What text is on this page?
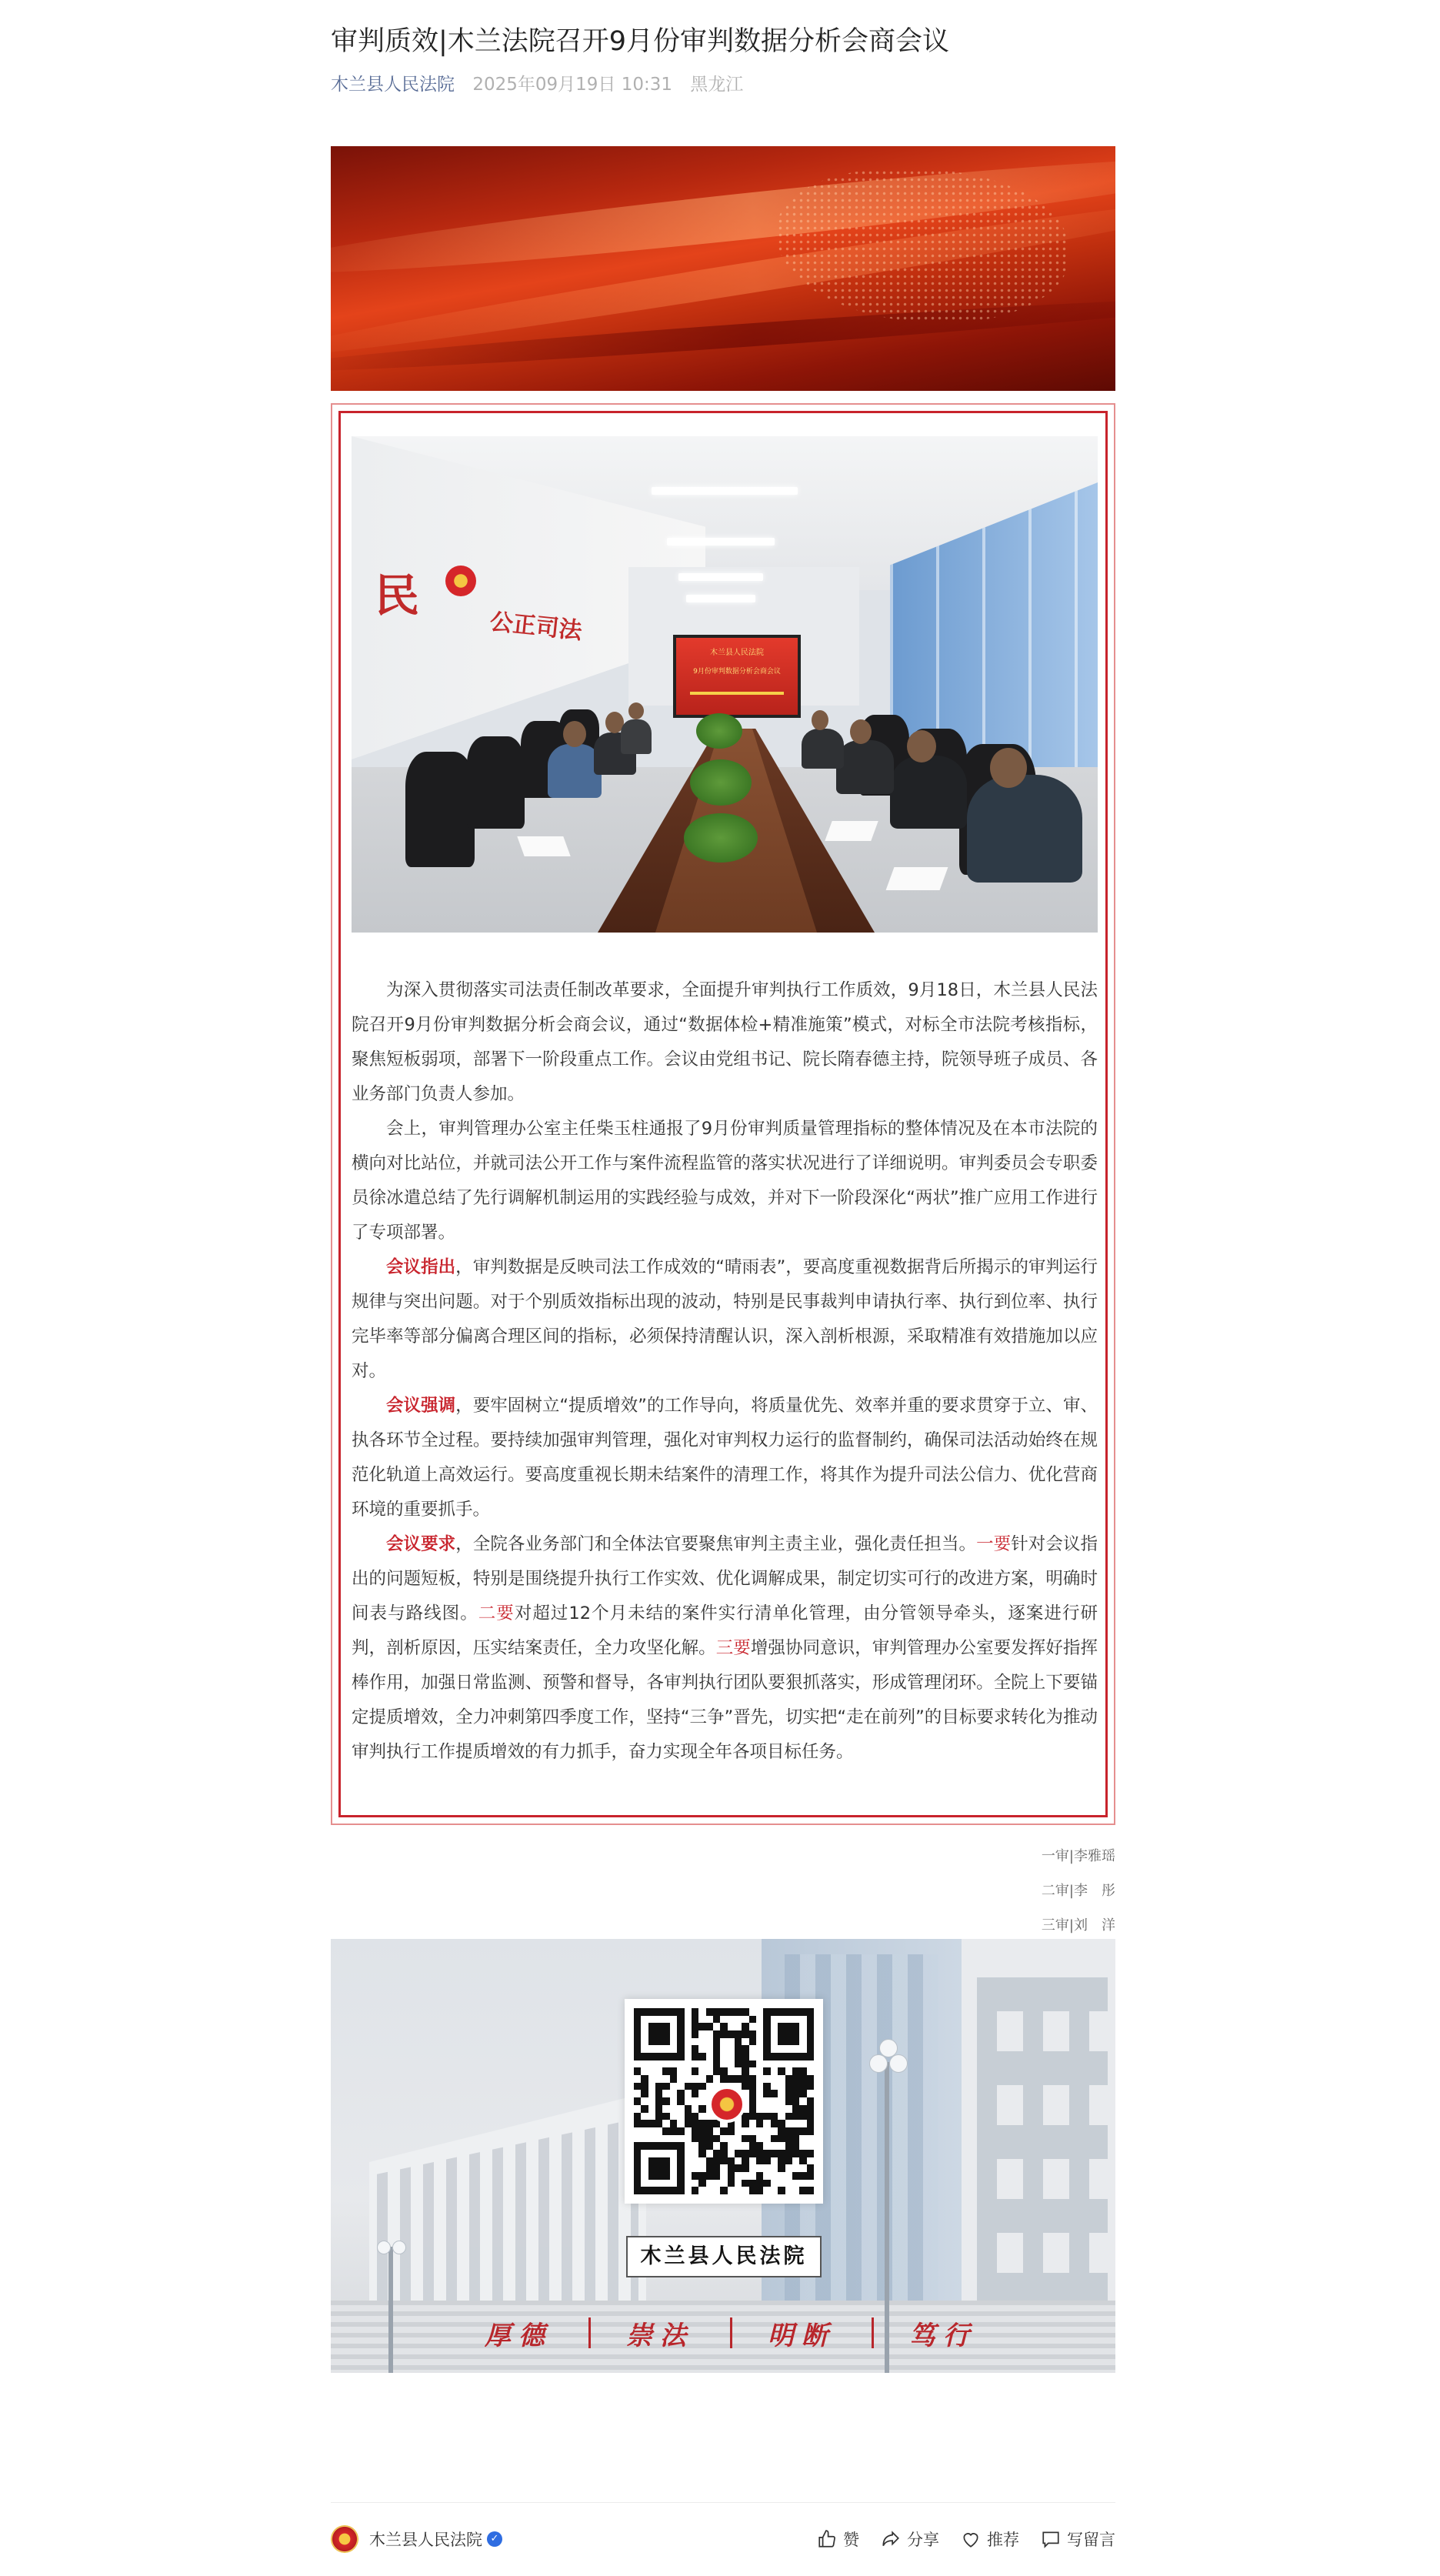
审判质效|木兰法院召开9月份审判数据分析会商会议
木兰县人民法院 2025年09月19日 10:31 黑龙江
民
公正司法
木兰县人民法院
9月份审判数据分析会商会议

为深入贯彻落实司法责任制改革要求，全面提升审判执行工作质效，9月18日，木兰县人民法院召开9月份审判数据分析会商会议，通过“数据体检+精准施策”模式，对标全市法院考核指标，聚焦短板弱项，部署下一阶段重点工作。会议由党组书记、院长隋春德主持，院领导班子成员、各业务部门负责人参加。

会上，审判管理办公室主任柴玉柱通报了9月份审判质量管理指标的整体情况及在本市法院的横向对比站位，并就司法公开工作与案件流程监管的落实状况进行了详细说明。审判委员会专职委员徐冰遣总结了先行调解机制运用的实践经验与成效，并对下一阶段深化“两状”推广应用工作进行了专项部署。

会议指出，审判数据是反映司法工作成效的“晴雨表”，要高度重视数据背后所揭示的审判运行规律与突出问题。对于个别质效指标出现的波动，特别是民事裁判申请执行率、执行到位率、执行完毕率等部分偏离合理区间的指标，必须保持清醒认识，深入剖析根源，采取精准有效措施加以应对。

会议强调，要牢固树立“提质增效”的工作导向，将质量优先、效率并重的要求贯穿于立、审、执各环节全过程。要持续加强审判管理，强化对审判权力运行的监督制约，确保司法活动始终在规范化轨道上高效运行。要高度重视长期未结案件的清理工作，将其作为提升司法公信力、优化营商环境的重要抓手。

会议要求，全院各业务部门和全体法官要聚焦审判主责主业，强化责任担当。一要针对会议指出的问题短板，特别是围绕提升执行工作实效、优化调解成果，制定切实可行的改进方案，明确时间表与路线图。二要对超过12个月未结的案件实行清单化管理，由分管领导牵头，逐案进行研判，剖析原因，压实结案责任，全力攻坚化解。三要增强协同意识，审判管理办公室要发挥好指挥棒作用，加强日常监测、预警和督导，各审判执行团队要狠抓落实，形成管理闭环。全院上下要锚定提质增效，全力冲刺第四季度工作，坚持“三争”晋先，切实把“走在前列”的目标要求转化为推动审判执行工作提质增效的有力抓手，奋力实现全年各项目标任务。

一审|李雅瑶
二审|李　彤
三审|刘　洋
木兰县人民法院
厚德	崇法	明断	笃行
木兰县人民法院 ✓	赞	分享	推荐	写留言
